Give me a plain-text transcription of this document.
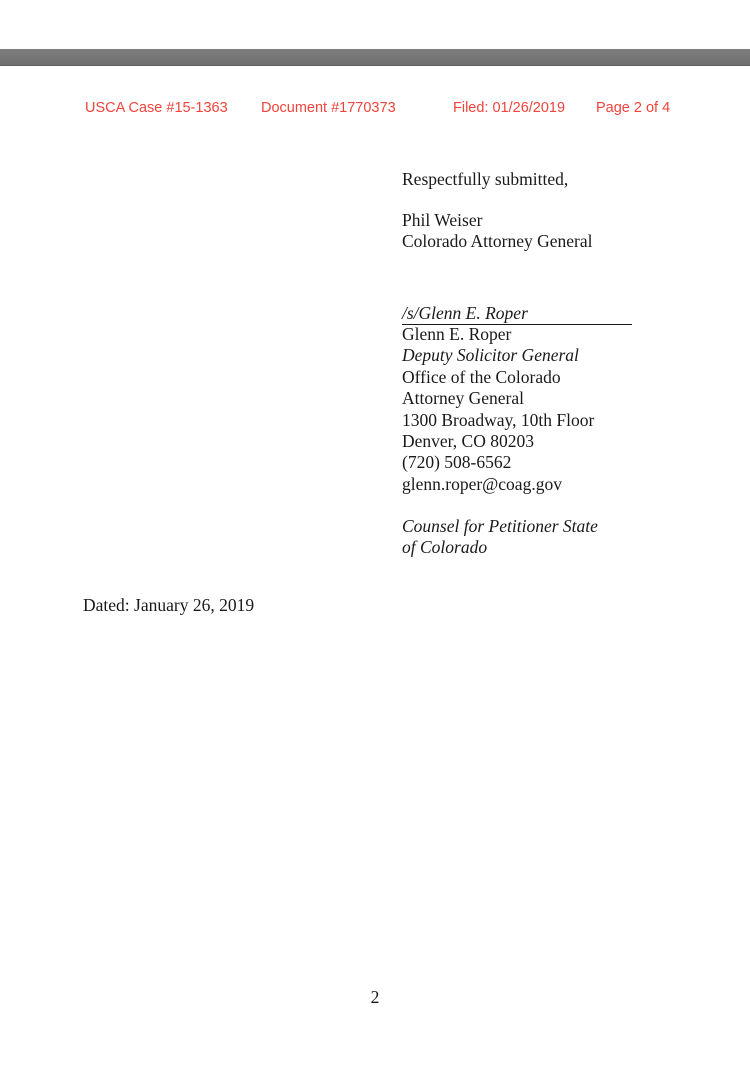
USCA Case #15-1363 Document #1770373	Filed: 01/26/2019 Page 2 of 4
Respectfully submitted,
Phil Weiser
Colorado Attorney General
/s/Glenn E. Roper
Glenn E. Roper
Deputy Solicitor General
Office of the Colorado
Attorney General
1300 Broadway, 10th Floor
Denver, CO 80203
(720) 508-6562
glenn.roper@coag.gov
Counsel for Petitioner State
of Colorado
Dated: January 26, 2019
2
